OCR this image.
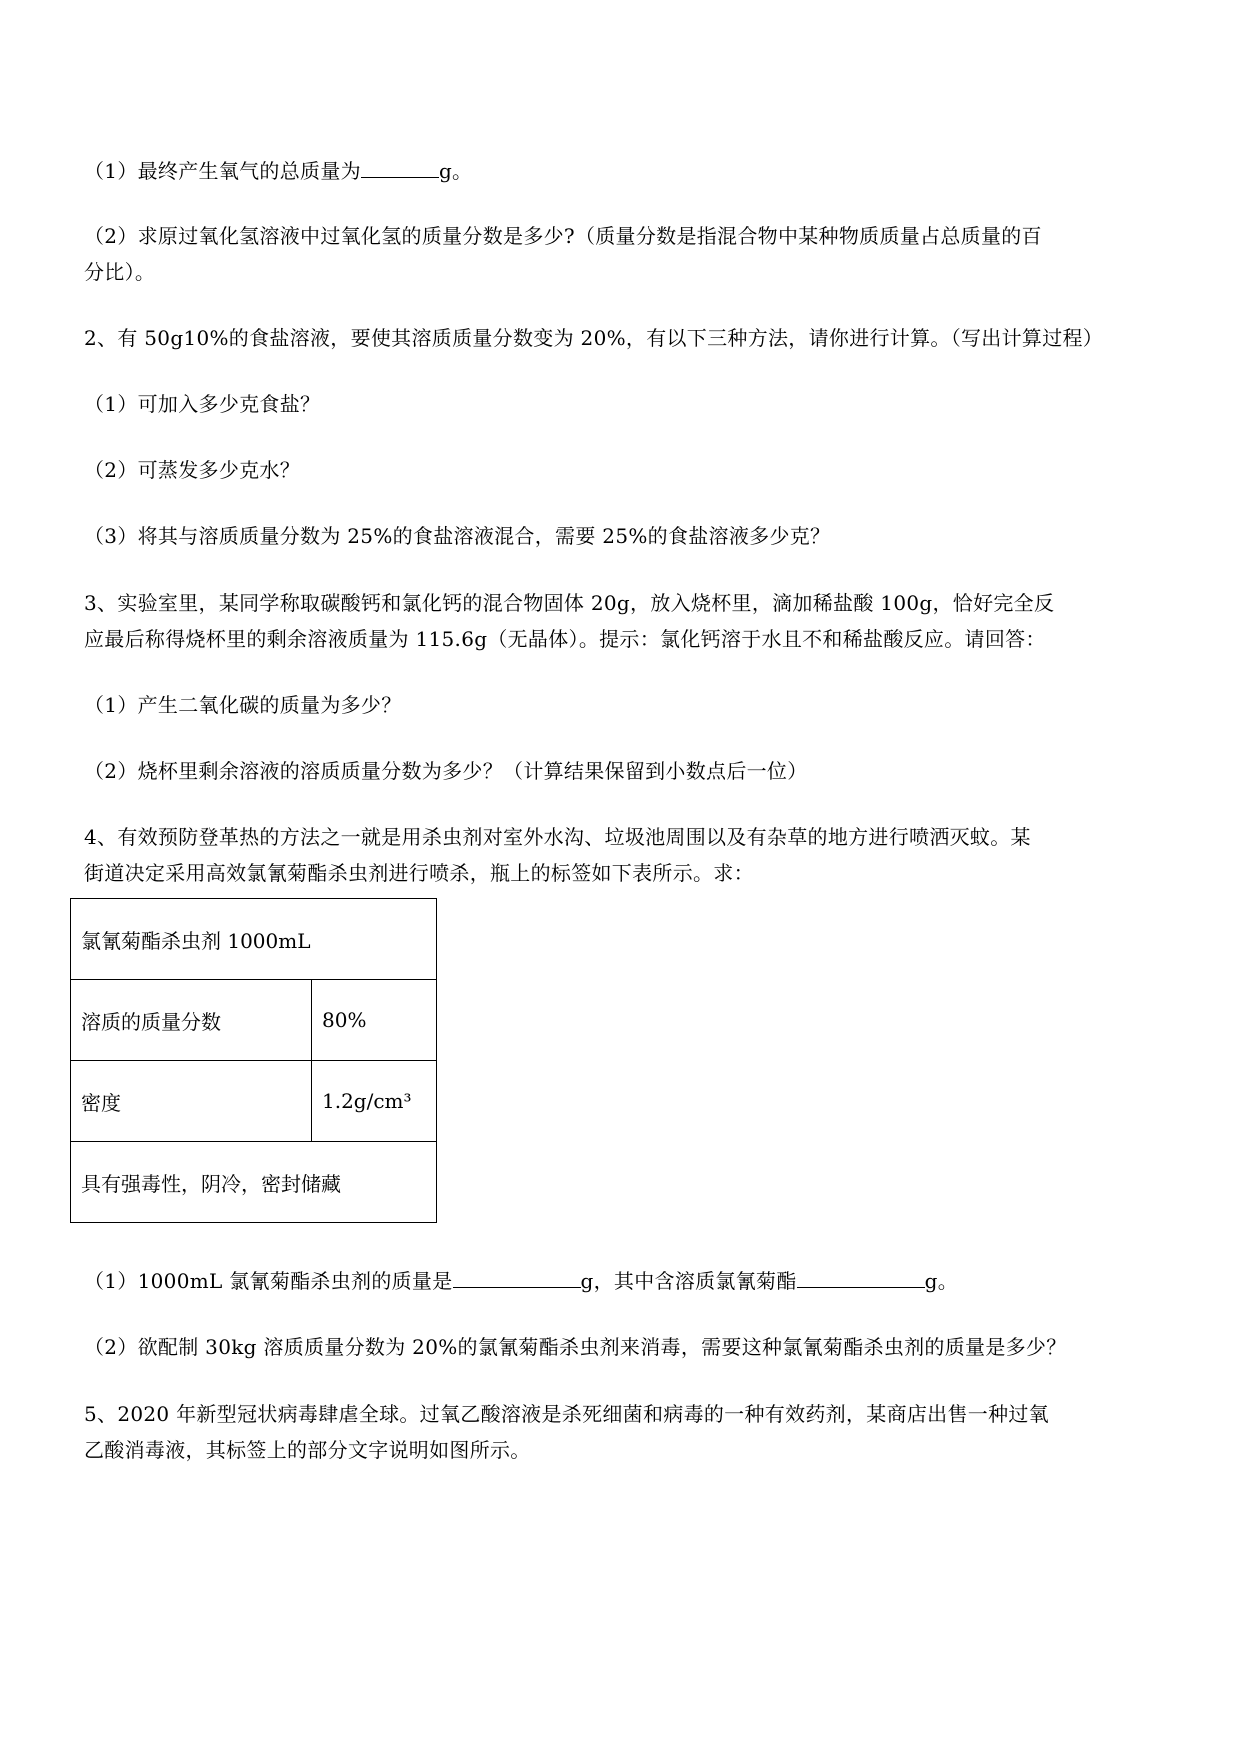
（1）最终产生氧气的总质量为	g。
（2）求原过氧化氢溶液中过氧化氢的质量分数是多少?（质量分数是指混合物中某种物质质量占总质量的百
分比）。
2、有 50g10%的食盐溶液，要使其溶质质量分数变为 20%，有以下三种方法，请你进行计算。（写出计算过程）
（1）可加入多少克食盐？
（2）可蒸发多少克水？
（3）将其与溶质质量分数为 25%的食盐溶液混合，需要 25%的食盐溶液多少克？
3、实验室里，某同学称取碳酸钙和氯化钙的混合物固体 20g，放入烧杯里，滴加稀盐酸 100g，恰好完全反
应最后称得烧杯里的剩余溶液质量为 115.6g（无晶体）。提示：氯化钙溶于水且不和稀盐酸反应。请回答：
（1）产生二氧化碳的质量为多少？
（2）烧杯里剩余溶液的溶质质量分数为多少？（计算结果保留到小数点后一位）
4、有效预防登革热的方法之一就是用杀虫剂对室外水沟、垃圾池周围以及有杂草的地方进行喷洒灭蚊。某
街道决定采用高效氯氰菊酯杀虫剂进行喷杀，瓶上的标签如下表所示。求：
氯氰菊酯杀虫剂 1000mL	
溶质的质量分数	80%
密度	1.2g/cm³
具有强毒性，阴冷，密封储藏	
（1）1000mL 氯氰菊酯杀虫剂的质量是	g，其中含溶质氯氰菊酯	g。
（2）欲配制 30kg 溶质质量分数为 20%的氯氰菊酯杀虫剂来消毒，需要这种氯氰菊酯杀虫剂的质量是多少？
5、2020 年新型冠状病毒肆虐全球。过氧乙酸溶液是杀死细菌和病毒的一种有效药剂，某商店出售一种过氧
乙酸消毒液，其标签上的部分文字说明如图所示。
